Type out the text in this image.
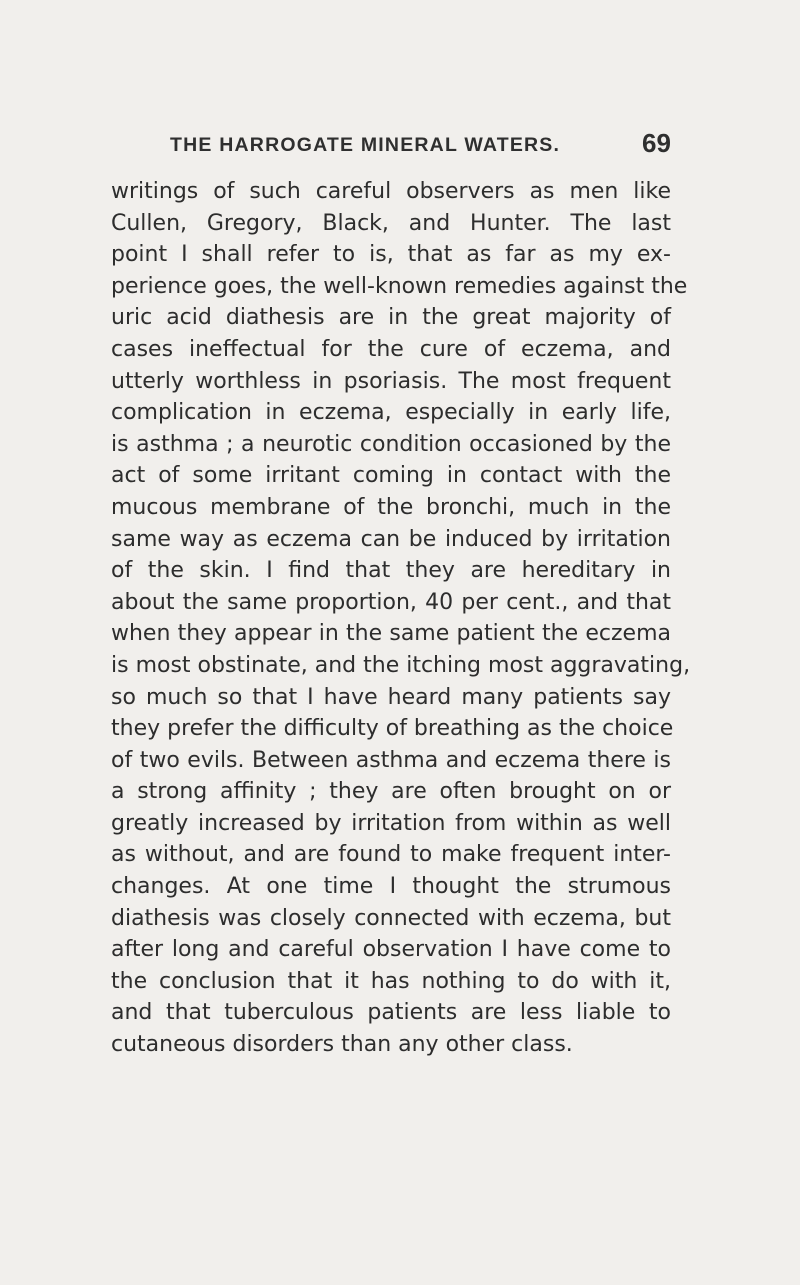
THE HARROGATE MINERAL WATERS.	69
writings of such careful observers as men like
Cullen, Gregory, Black, and Hunter. The last
point I shall refer to is, that as far as my ex-
perience goes, the well-known remedies against the
uric acid diathesis are in the great majority of
cases ineffectual for the cure of eczema, and
utterly worthless in psoriasis. The most frequent
complication in eczema, especially in early life,
is asthma ; a neurotic condition occasioned by the
act of some irritant coming in contact with the
mucous membrane of the bronchi, much in the
same way as eczema can be induced by irritation
of the skin. I find that they are hereditary in
about the same proportion, 40 per cent., and that
when they appear in the same patient the eczema
is most obstinate, and the itching most aggravating,
so much so that I have heard many patients say
they prefer the difficulty of breathing as the choice
of two evils. Between asthma and eczema there is
a strong affinity ; they are often brought on or
greatly increased by irritation from within as well
as without, and are found to make frequent inter-
changes. At one time I thought the strumous
diathesis was closely connected with eczema, but
after long and careful observation I have come to
the conclusion that it has nothing to do with it,
and that tuberculous patients are less liable to
cutaneous disorders than any other class.
